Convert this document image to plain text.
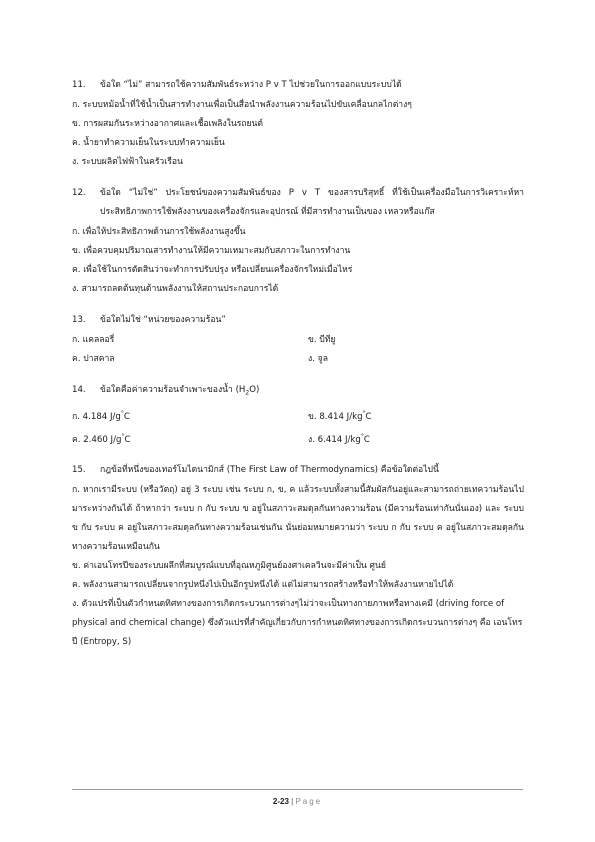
11.	ข้อใด “ไม่” สามารถใช้ความสัมพันธ์ระหว่าง P v T ไปช่วยในการออกแบบระบบได้
ก. ระบบหม้อน้ำที่ใช้น้ำเป็นสารทำงานเพื่อเป็นสื่อนำพลังงานความร้อนไปขับเคลื่อนกลไกต่างๆ
ข. การผสมกันระหว่างอากาศและเชื้อเพลิงในรถยนต์
ค. น้ำยาทำความเย็นในระบบทำความเย็น
ง. ระบบผลิตไฟฟ้าในครัวเรือน
12.	ข้อใด “ไม่ใช่” ประโยชน์ของความสัมพันธ์ของ P v T ของสารบริสุทธิ์ ที่ใช้เป็นเครื่องมือในการวิเคราะห์หาประสิทธิภาพการใช้พลังงานของเครื่องจักรและอุปกรณ์ ที่มีสารทำงานเป็นของ เหลวหรือแก๊ส
ก. เพื่อให้ประสิทธิภาพด้านการใช้พลังงานสูงขึ้น
ข. เพื่อควบคุมปริมาณสารทำงานให้มีความเหมาะสมกับสภาวะในการทำงาน
ค. เพื่อใช้ในการตัดสินว่าจะทำการปรับปรุง หรือเปลี่ยนเครื่องจักรใหม่เมื่อไหร่
ง. สามารถลดต้นทุนด้านพลังงานให้สถานประกอบการได้
13.	ข้อใดไม่ใช่ “หน่วยของความร้อน”
ก. แคลลอรี่	ข. บีทียู
ค. ปาสคาล	ง. จูล
14.	ข้อใดคือค่าความร้อนจำเพาะของน้ำ $(H_2O)$
ก. 4.184 J/g°C	ข. 8.414 J/kg°C
ค. 2.460 J/g°C	ง. 6.414 J/kg°C
15.	กฎข้อที่หนึ่งของเทอร์โมไดนามิกส์ (The First Law of Thermodynamics) คือข้อใดต่อไปนี้
ก. หากเรามีระบบ (หรือวัตถุ) อยู่ 3 ระบบ เช่น ระบบ ก, ข, ค แล้วระบบทั้งสามนี้สัมผัสกันอยู่และสามารถถ่ายเทความร้อนไปมาระหว่างกันได้ ถ้าหากว่า ระบบ ก กับ ระบบ ข อยู่ในสภาวะสมดุลกันทางความร้อน (มีความร้อนเท่ากันนั่นเอง) และ ระบบ ข กับ ระบบ ค อยู่ในสภาวะสมดุลกันทางความร้อนเช่นกัน นั่นย่อมหมายความว่า ระบบ ก กับ ระบบ ค อยู่ในสภาวะสมดุลกันทางความร้อนเหมือนกัน
ข. ค่าเอนโทรปีของระบบผลึกที่สมบูรณ์แบบที่อุณหภูมิศูนย์องศาเคลวินจะมีค่าเป็น ศูนย์
ค. พลังงานสามารถเปลี่ยนจากรูปหนึ่งไปเป็นอีกรูปหนึ่งได้ แต่ไม่สามารถสร้างหรือทำให้พลังงานหายไปได้
ง. ตัวแปรที่เป็นตัวกำหนดทิศทางของการเกิดกระบวนการต่างๆไม่ว่าจะเป็นทางกายภาพหรือทางเคมี (driving force of physical and chemical change) ซึ่งตัวแปรที่สำคัญเกี่ยวกับการกำหนดทิศทางของการเกิดกระบวนการต่างๆ คือ เอนโทรปี (Entropy, S)
2-23 | Page
